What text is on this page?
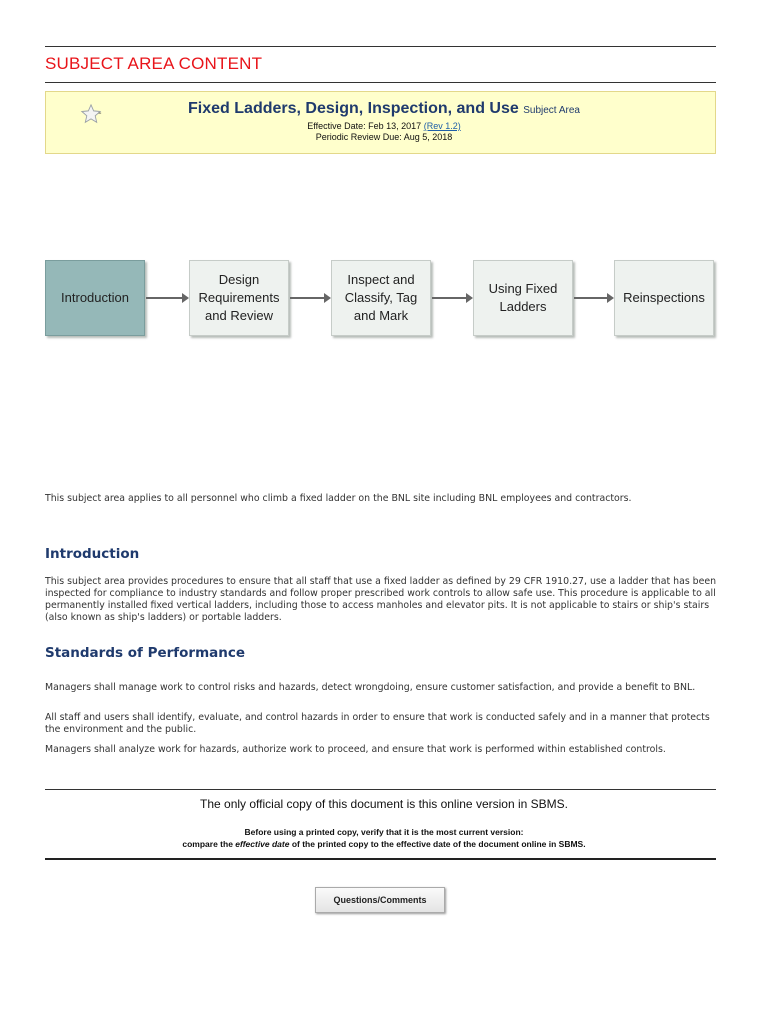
SUBJECT AREA CONTENT
-	Fixed Ladders, Design, Inspection, and Use Subject Area
Effective Date: Feb 13, 2017 (Rev 1.2)
Periodic Review Due: Aug 5, 2018
Introduction
Design Requirements and Review
Inspect and Classify, Tag and Mark
Using Fixed Ladders
Reinspections

This subject area applies to all personnel who climb a fixed ladder on the BNL site including BNL employees and contractors.

Introduction

This subject area provides procedures to ensure that all staff that use a fixed ladder as defined by 29 CFR 1910.27, use a ladder that has been inspected for compliance to industry standards and follow proper prescribed work controls to allow safe use. This procedure is applicable to all permanently installed fixed vertical ladders, including those to access manholes and elevator pits. It is not applicable to stairs or ship's stairs (also known as ship's ladders) or portable ladders.

Standards of Performance

Managers shall manage work to control risks and hazards, detect wrongdoing, ensure customer satisfaction, and provide a benefit to BNL.

All staff and users shall identify, evaluate, and control hazards in order to ensure that work is conducted safely and in a manner that protects the environment and the public.

Managers shall analyze work for hazards, authorize work to proceed, and ensure that work is performed within established controls.

The only official copy of this document is this online version in SBMS.
Before using a printed copy, verify that it is the most current version:
compare the effective date of the printed copy to the effective date of the document online in SBMS.
Questions/Comments
